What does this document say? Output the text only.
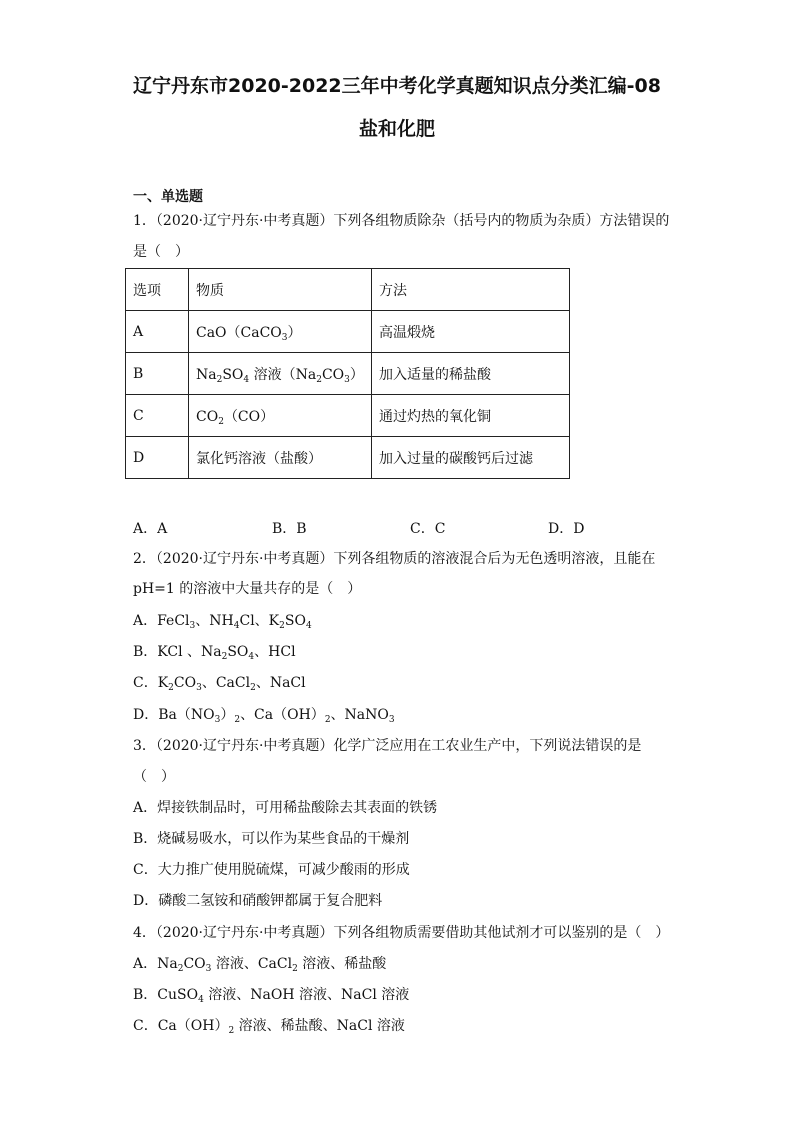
辽宁丹东市2020-2022三年中考化学真题知识点分类汇编-08
盐和化肥
一、单选题
1．（2020·辽宁丹东·中考真题）下列各组物质除杂（括号内的物质为杂质）方法错误的
是（　）
选项	物质	方法
A	CaO（CaCO$_3$）	高温煅烧
B	$Na_2SO_4$ 溶液$(Na_2CO_3)$	加入适量的稀盐酸
C	$CO_2(CO)$	通过灼热的氧化铜
D	氯化钙溶液（盐酸）	加入过量的碳酸钙后过滤
A．A	B．B	C．C	D．D
2．（2020·辽宁丹东·中考真题）下列各组物质的溶液混合后为无色透明溶液，且能在
pH=1 的溶液中大量共存的是（　）
A．FeCl$_3$、$NH_4Cl$、$K_2SO_4$
B．KCl 、$Na_2SO_4$、HCl
C．$K_2CO_3$、CaCl$_2$、NaCl
D．$Ba(NO_3)_2$、$Ca(OH)_2$、NaNO$_3$
3．（2020·辽宁丹东·中考真题）化学广泛应用在工农业生产中，下列说法错误的是
（　）
A．焊接铁制品时，可用稀盐酸除去其表面的铁锈
B．烧碱易吸水，可以作为某些食品的干燥剂
C．大力推广使用脱硫煤，可减少酸雨的形成
D．磷酸二氢铵和硝酸钾都属于复合肥料
4．（2020·辽宁丹东·中考真题）下列各组物质需要借助其他试剂才可以鉴别的是（　）
A．$Na_2CO_3$ 溶液、CaCl$_2$ 溶液、稀盐酸
B．CuSO$_4$ 溶液、NaOH 溶液、NaCl 溶液
C．$Ca(OH)_2$ 溶液、稀盐酸、NaCl 溶液
